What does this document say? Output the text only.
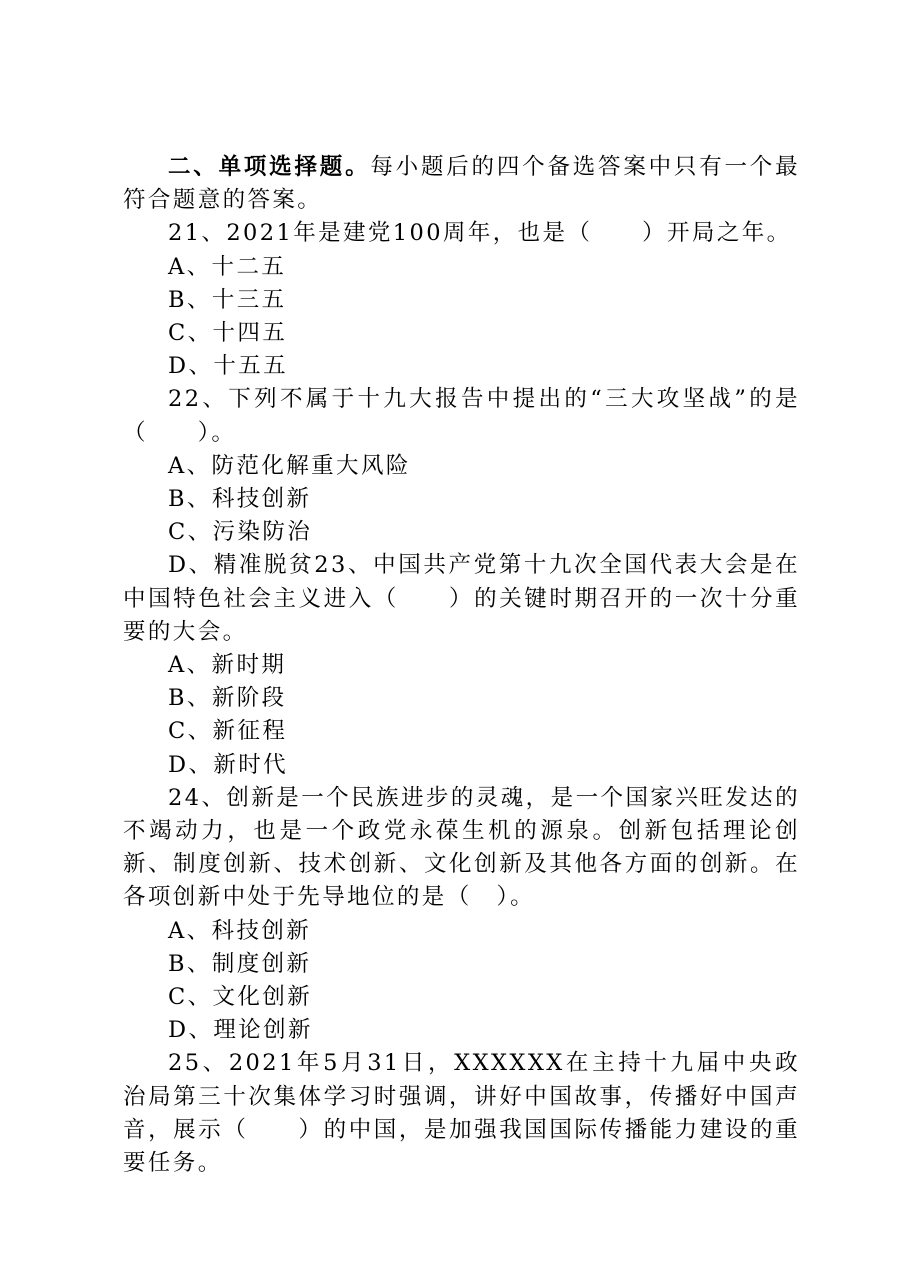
二、单项选择题。每小题后的四个备选答案中只有一个最符合题意的答案。

21、2021年是建党100周年，也是（　　）开局之年。

A、十二五

B、十三五

C、十四五

D、十五五

22、下列不属于十九大报告中提出的“三大攻坚战”的是（　　）。

A、防范化解重大风险

B、科技创新

C、污染防治

D、精准脱贫23、中国共产党第十九次全国代表大会是在中国特色社会主义进入（　　）的关键时期召开的一次十分重要的大会。

A、新时期

B、新阶段

C、新征程

D、新时代

24、创新是一个民族进步的灵魂，是一个国家兴旺发达的不竭动力，也是一个政党永葆生机的源泉。创新包括理论创新、制度创新、技术创新、文化创新及其他各方面的创新。在各项创新中处于先导地位的是（　）。

A、科技创新

B、制度创新

C、文化创新

D、理论创新

25、2021年5月31日，XXXXXX在主持十九届中央政治局第三十次集体学习时强调，讲好中国故事，传播好中国声音，展示（　　）的中国，是加强我国国际传播能力建设的重要任务。
